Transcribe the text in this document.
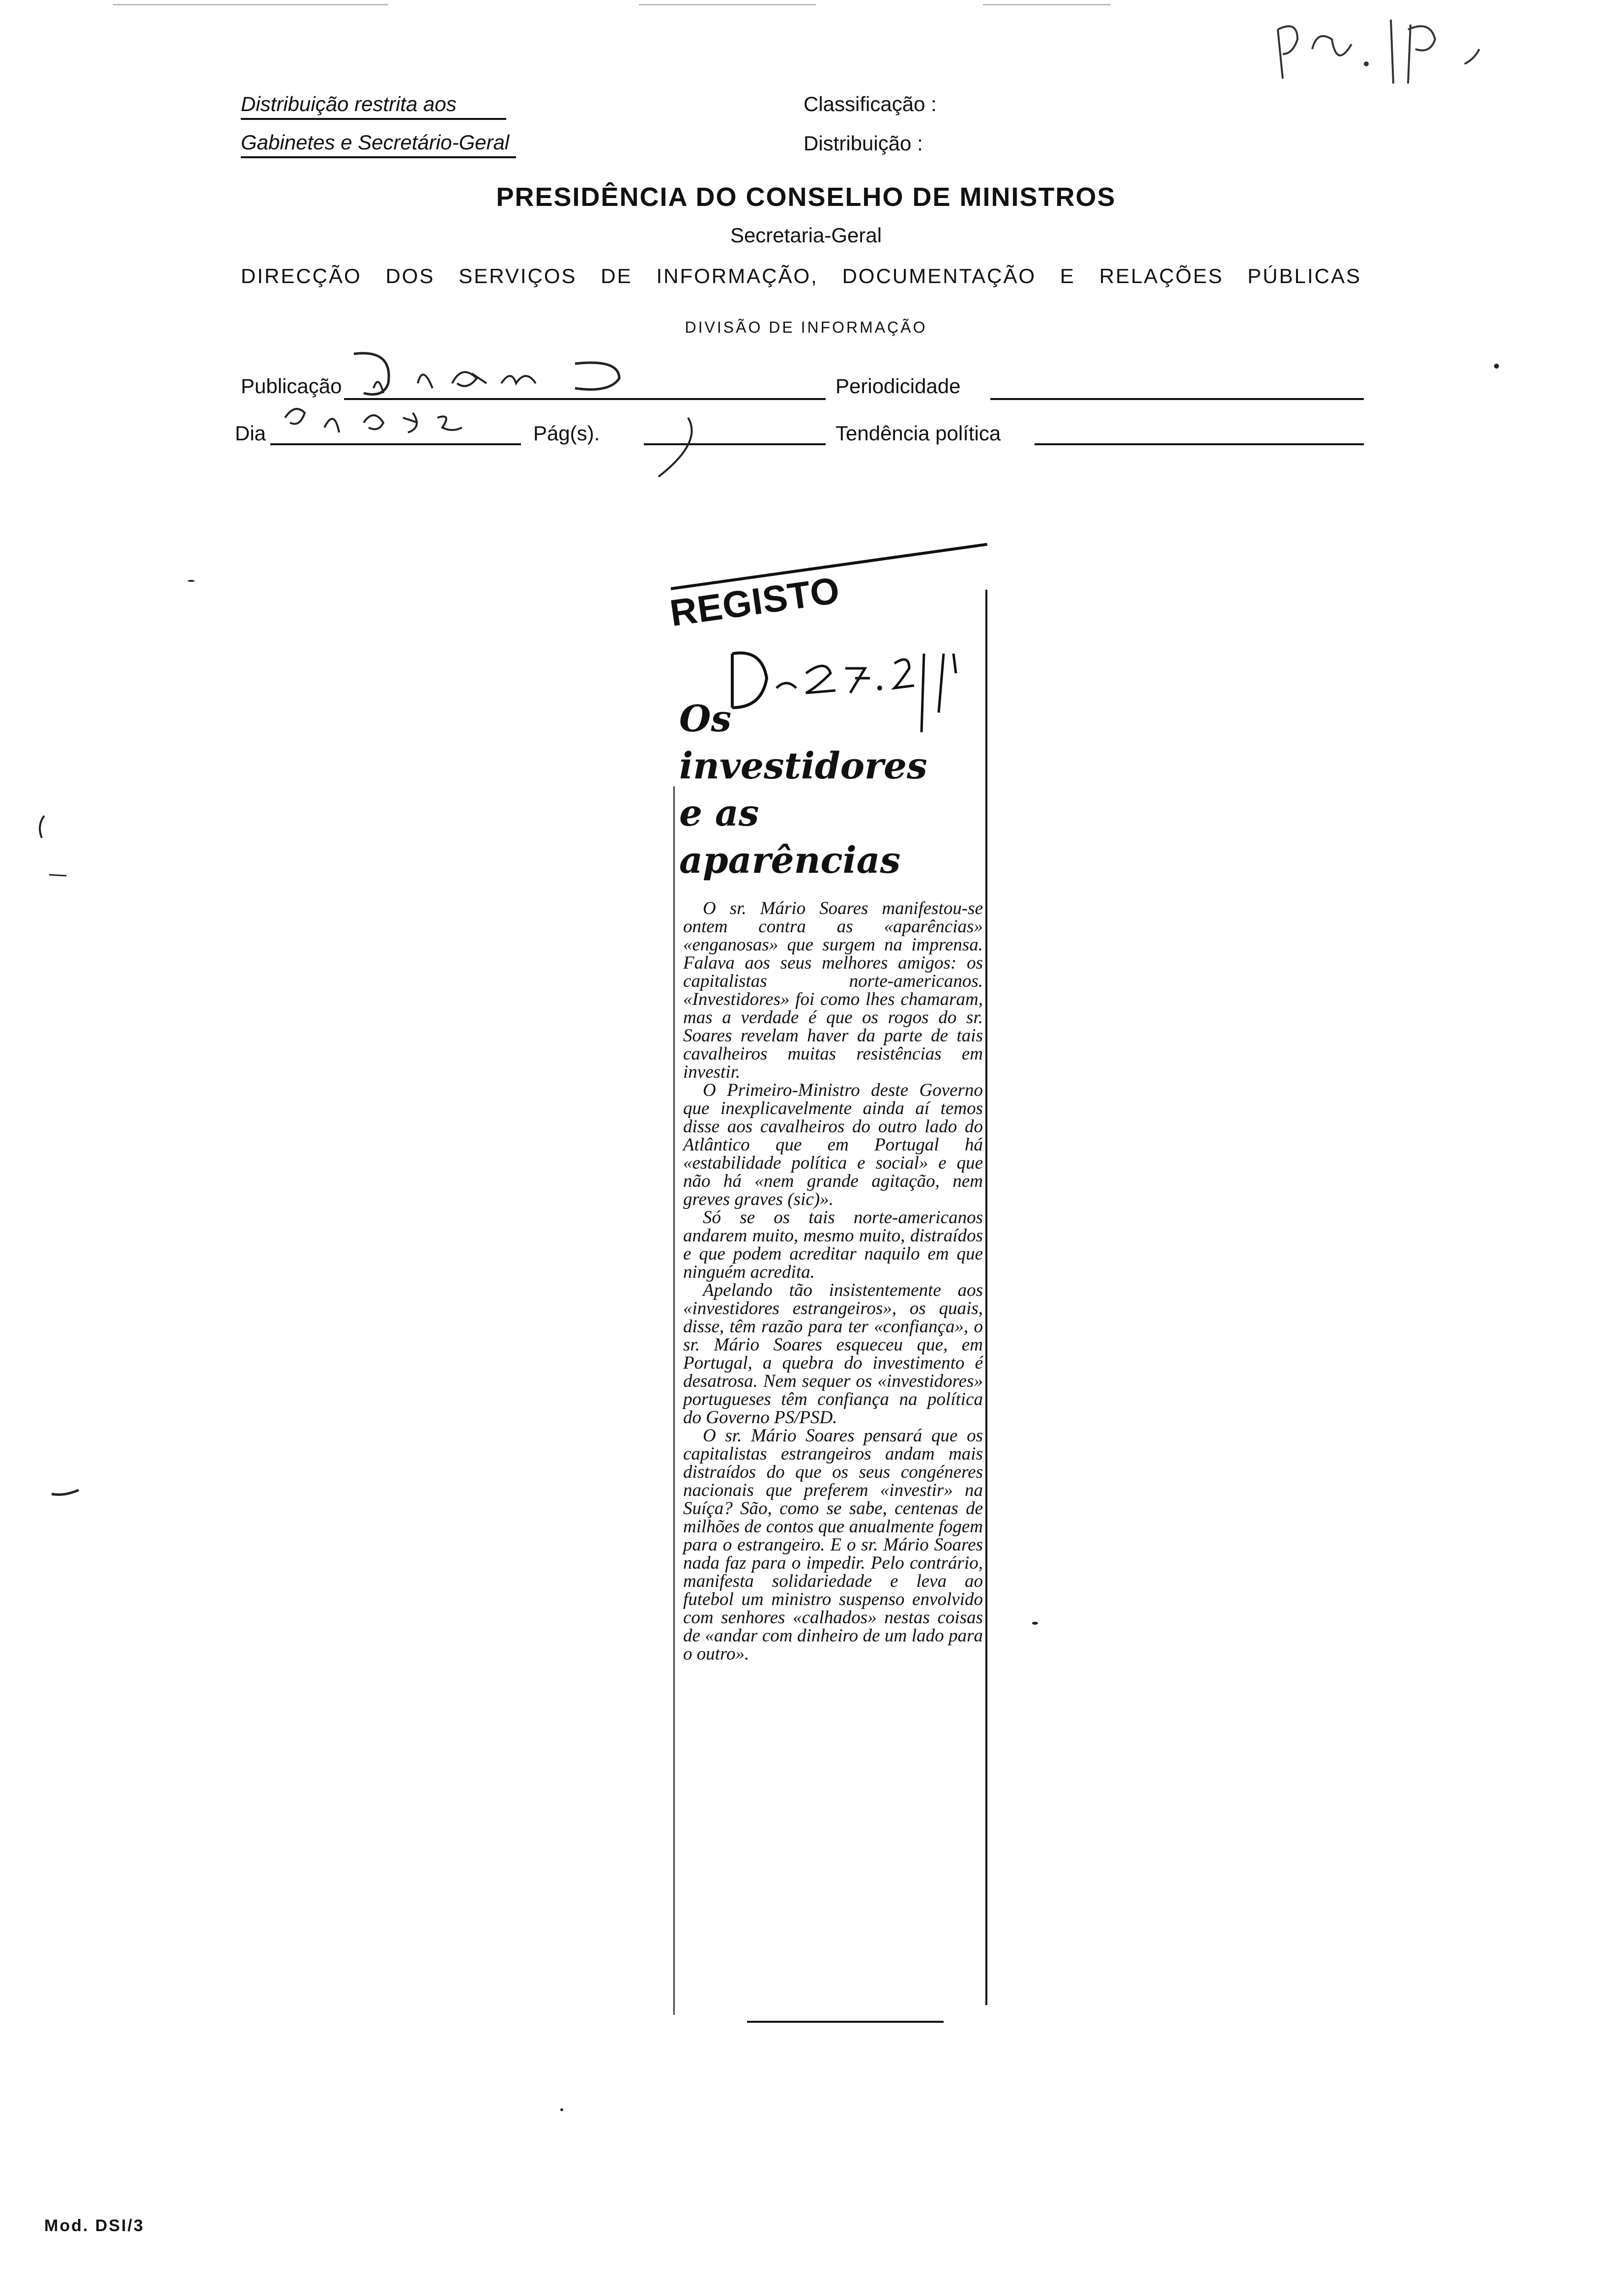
Distribuição restrita aos
Gabinetes e Secretário-Geral
Classificação :
Distribuição :
PRESIDÊNCIA DO CONSELHO DE MINISTROS
Secretaria-Geral
DIRECÇÃO DOS SERVIÇOS DE INFORMAÇÃO, DOCUMENTAÇÃO E RELAÇÕES PÚBLICAS
DIVISÃO DE INFORMAÇÃO
Publicação	Periodicidade
Dia	Pág(s).	Tendência política
REGISTO
Os
investidores
e as
aparências

O sr. Mário Soares manifestou-se ontem contra as «aparências» «enganosas» que surgem na imprensa. Falava aos seus melhores amigos: os capitalistas norte-americanos. «Investidores» foi como lhes chamaram, mas a verdade é que os rogos do sr. Soares revelam haver da parte de tais cavalheiros muitas resistências em investir.

O Primeiro-Ministro deste Governo que inexplicavelmente ainda aí temos disse aos cavalheiros do outro lado do Atlântico que em Portugal há «estabilidade política e social» e que não há «nem grande agitação, nem greves graves (sic)».

Só se os tais norte-americanos andarem muito, mesmo muito, distraídos e que podem acreditar naquilo em que ninguém acredita.

Apelando tão insistentemente aos «investidores estrangeiros», os quais, disse, têm razão para ter «confiança», o sr. Mário Soares esqueceu que, em Portugal, a quebra do investimento é desatrosa. Nem sequer os «investidores» portugueses têm confiança na política do Governo PS/PSD.

O sr. Mário Soares pensará que os capitalistas estrangeiros andam mais distraídos do que os seus congéneres nacionais que preferem «investir» na Suíça? São, como se sabe, centenas de milhões de contos que anualmente fogem para o estrangeiro. E o sr. Mário Soares nada faz para o impedir. Pelo contrário, manifesta solidariedade e leva ao futebol um ministro suspenso envolvido com senhores «calhados» nestas coisas de «andar com dinheiro de um lado para o outro».

Mod. DSI/3
